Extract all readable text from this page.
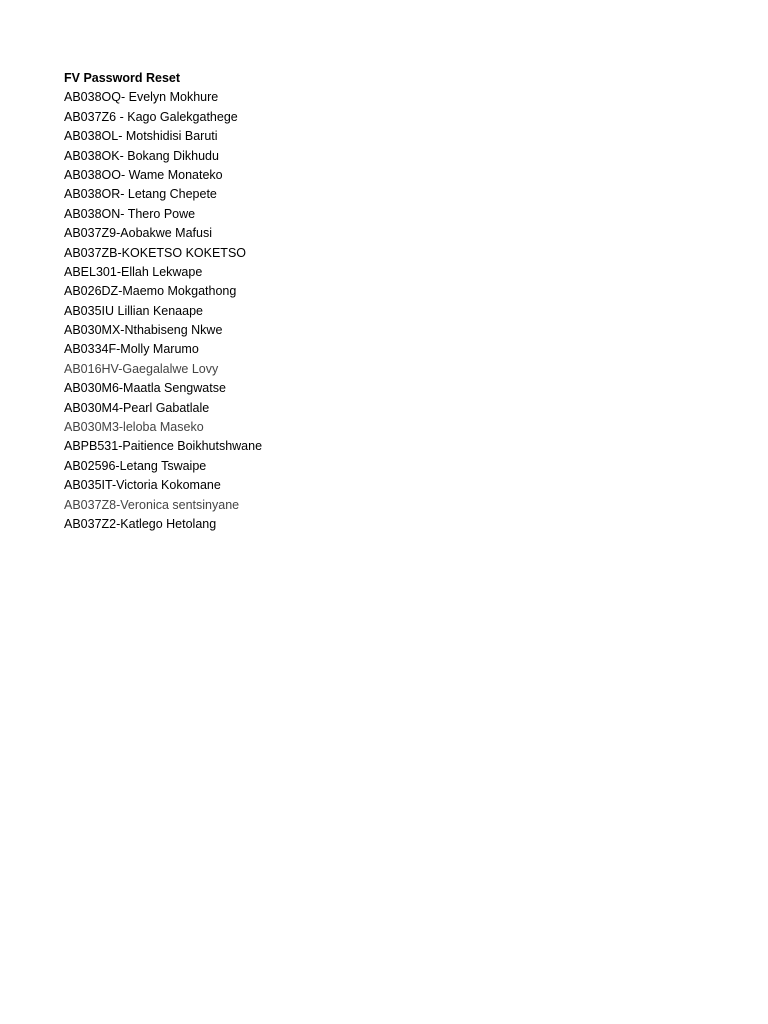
FV Password Reset
AB038OQ- Evelyn Mokhure
AB037Z6 - Kago Galekgathege
AB038OL- Motshidisi Baruti
AB038OK- Bokang Dikhudu
AB038OO- Wame Monateko
AB038OR- Letang Chepete
AB038ON- Thero Powe
AB037Z9-Aobakwe Mafusi
AB037ZB-KOKETSO KOKETSO
ABEL301-Ellah Lekwape
AB026DZ-Maemo Mokgathong
AB035IU Lillian Kenaape
AB030MX-Nthabiseng Nkwe
AB0334F-Molly Marumo
AB016HV-Gaegalalwe Lovy
AB030M6-Maatla Sengwatse
AB030M4-Pearl Gabatlale
AB030M3-leloba Maseko
ABPB531-Paitience Boikhutshwane
AB02596-Letang Tswaipe
AB035IT-Victoria Kokomane
AB037Z8-Veronica sentsinyane
AB037Z2-Katlego Hetolang
